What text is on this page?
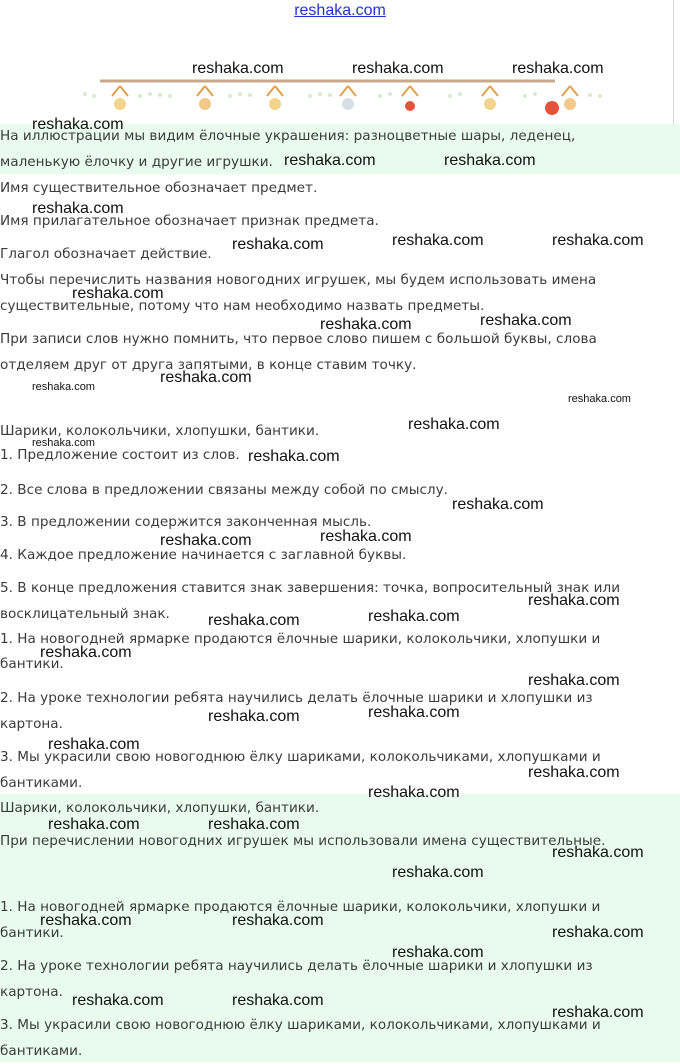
reshaka.com
На иллюстрации мы видим ёлочные украшения: разноцветные шары, леденец,
маленькую ёлочку и другие игрушки.
Имя существительное обозначает предмет.
Имя прилагательное обозначает признак предмета.
Глагол обозначает действие.
Чтобы перечислить названия новогодних игрушек, мы будем использовать имена
существительные, потому что нам необходимо назвать предметы.
При записи слов нужно помнить, что первое слово пишем с большой буквы, слова
отделяем друг от друга запятыми, в конце ставим точку.
Шарики, колокольчики, хлопушки, бантики.
1. Предложение состоит из слов.
2. Все слова в предложении связаны между собой по смыслу.
3. В предложении содержится законченная мысль.
4. Каждое предложение начинается с заглавной буквы.
5. В конце предложения ставится знак завершения: точка, вопросительный знак или
восклицательный знак.
1. На новогодней ярмарке продаются ёлочные шарики, колокольчики, хлопушки и
бантики.
2. На уроке технологии ребята научились делать ёлочные шарики и хлопушки из
картона.
3. Мы украсили свою новогоднюю ёлку шариками, колокольчиками, хлопушками и
бантиками.
Шарики, колокольчики, хлопушки, бантики.
При перечислении новогодних игрушек мы использовали имена существительные.
1. На новогодней ярмарке продаются ёлочные шарики, колокольчики, хлопушки и
бантики.
2. На уроке технологии ребята научились делать ёлочные шарики и хлопушки из
картона.
3. Мы украсили свою новогоднюю ёлку шариками, колокольчиками, хлопушками и
бантиками.
reshaka.com	reshaka.com	reshaka.com
reshaka.com
reshaka.com	reshaka.com
reshaka.com
reshaka.com	reshaka.com	reshaka.com
reshaka.com
reshaka.com	reshaka.com
reshaka.com
reshaka.com
reshaka.com
reshaka.com
reshaka.com
reshaka.com
reshaka.com
reshaka.com	reshaka.com
reshaka.com
reshaka.com	reshaka.com
reshaka.com
reshaka.com
reshaka.com	reshaka.com
reshaka.com
reshaka.com
reshaka.com
reshaka.com	reshaka.com
reshaka.com
reshaka.com
reshaka.com	reshaka.com
reshaka.com
reshaka.com
reshaka.com	reshaka.com
reshaka.com
